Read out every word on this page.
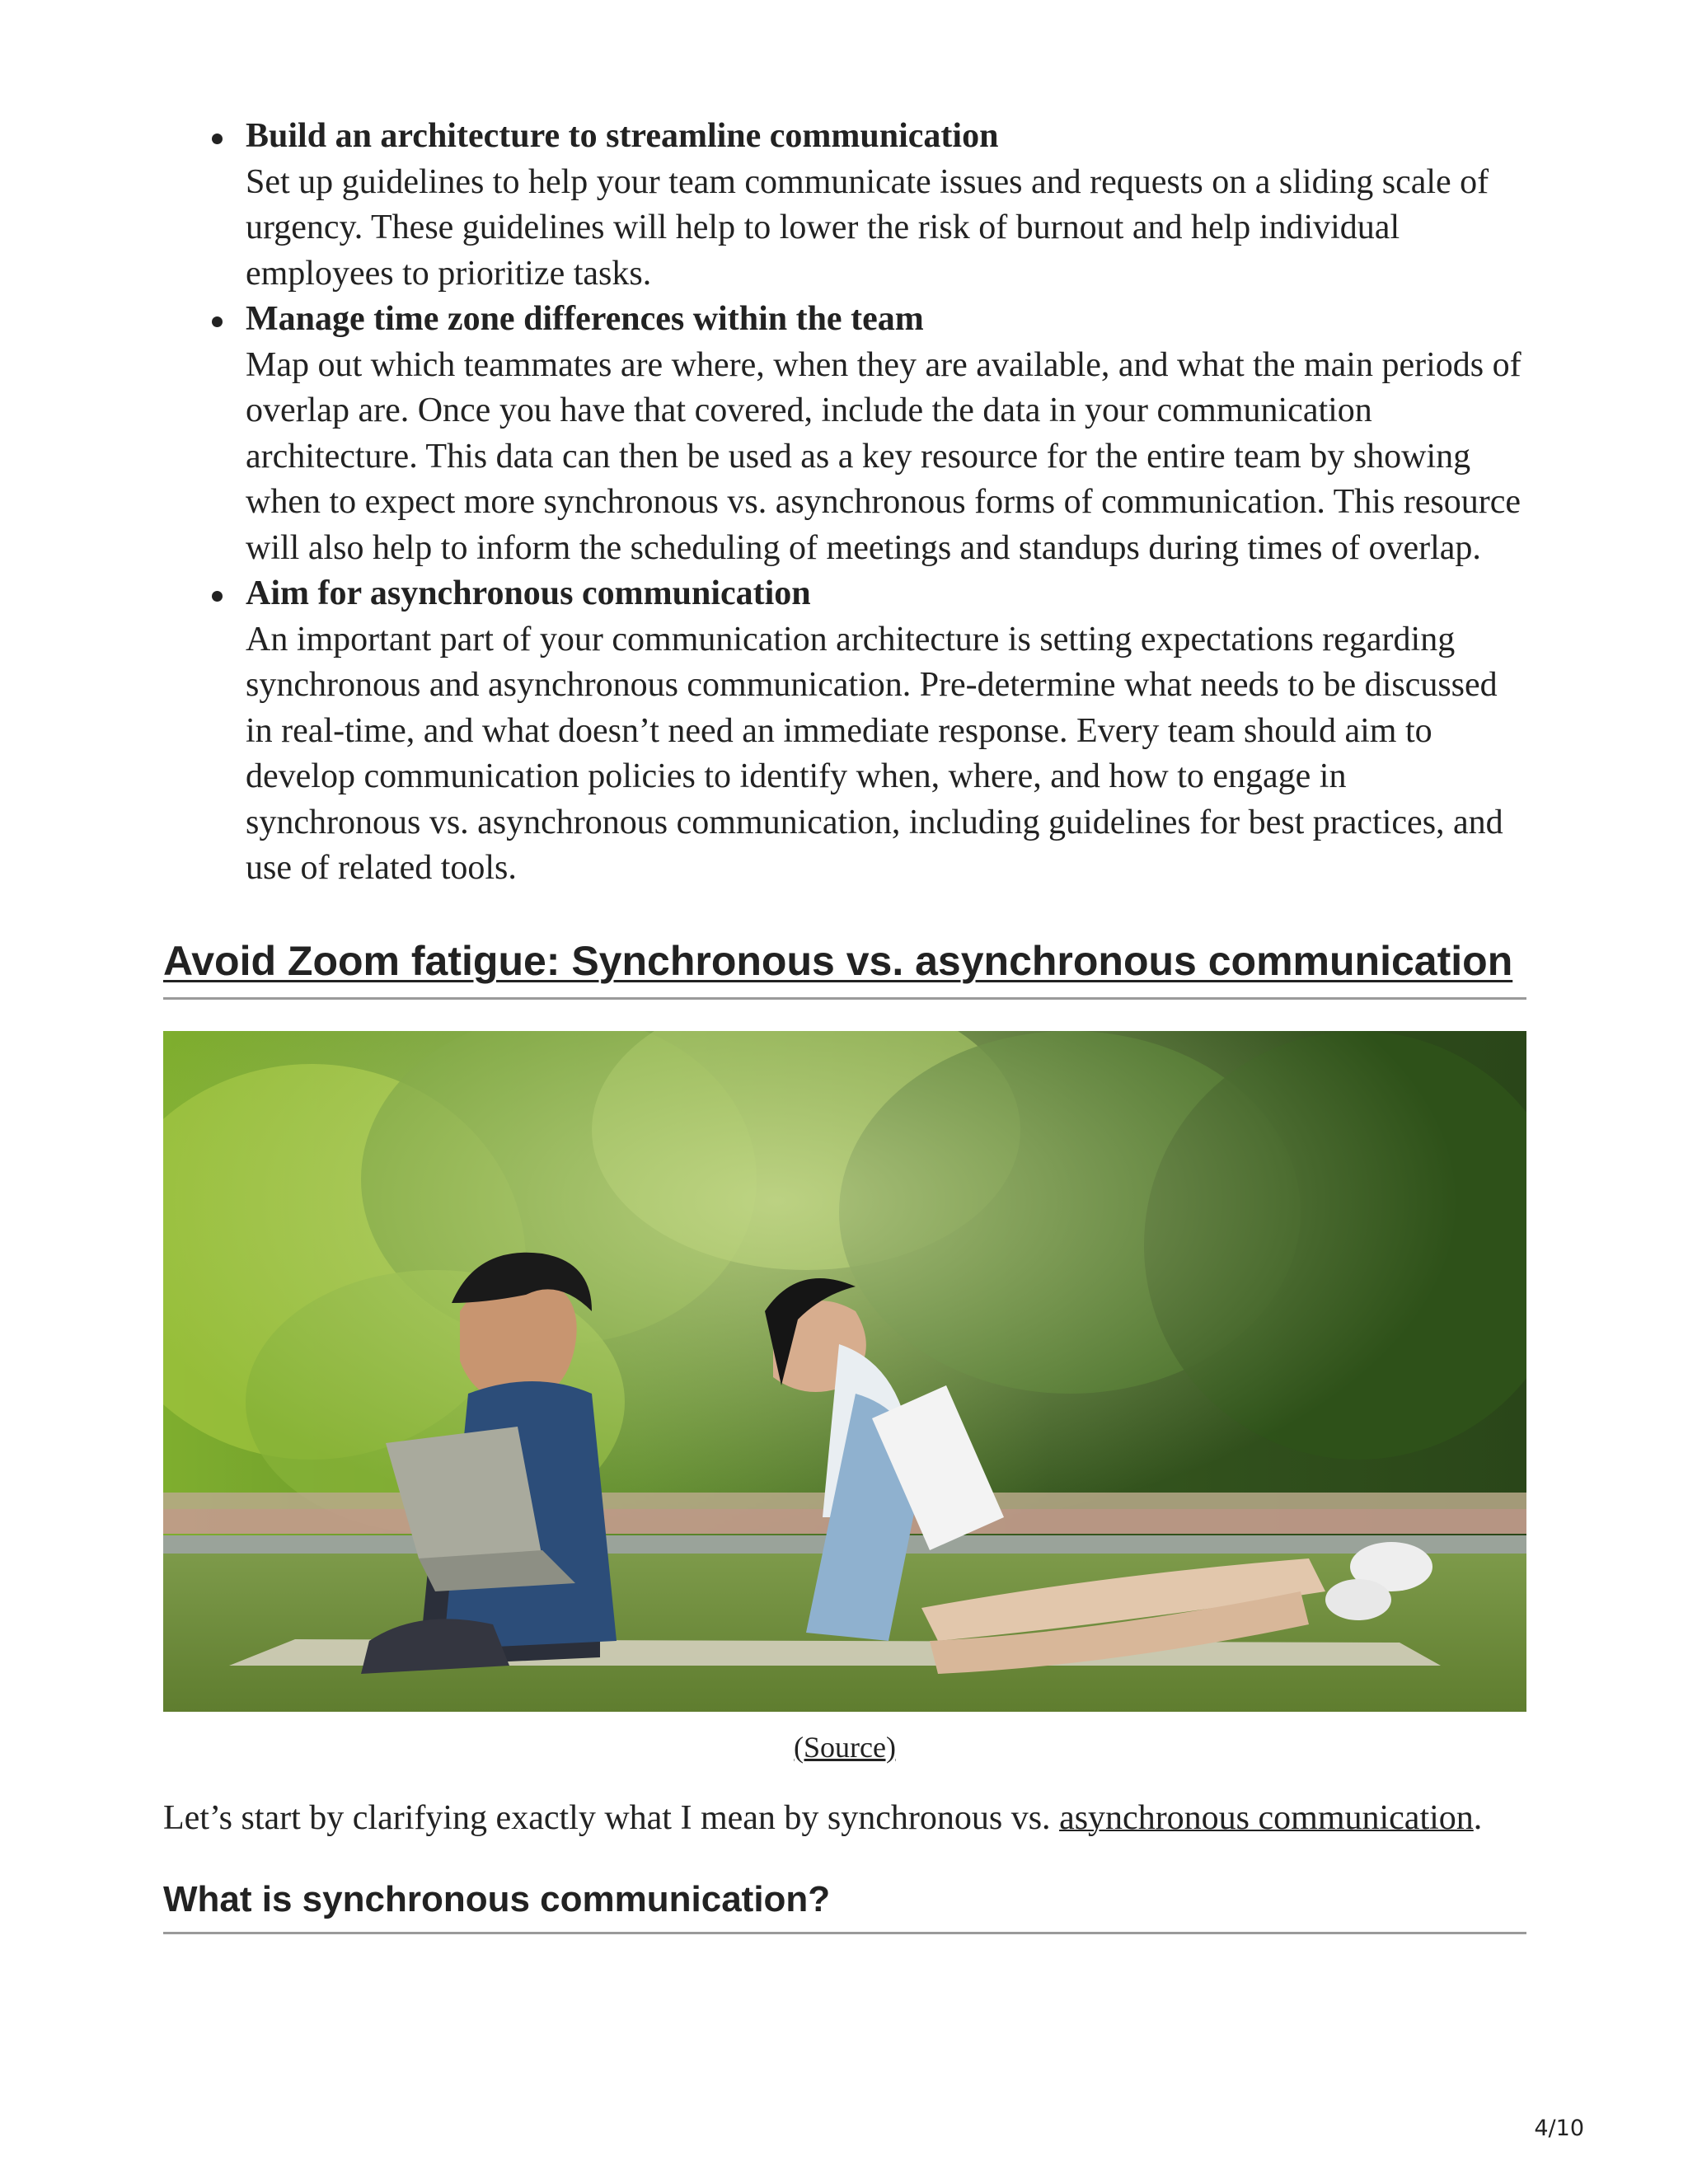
Build an architecture to streamline communication
Set up guidelines to help your team communicate issues and requests on a sliding scale of urgency. These guidelines will help to lower the risk of burnout and help individual employees to prioritize tasks.
Manage time zone differences within the team
Map out which teammates are where, when they are available, and what the main periods of overlap are. Once you have that covered, include the data in your communication architecture. This data can then be used as a key resource for the entire team by showing when to expect more synchronous vs. asynchronous forms of communication. This resource will also help to inform the scheduling of meetings and standups during times of overlap.
Aim for asynchronous communication
An important part of your communication architecture is setting expectations regarding synchronous and asynchronous communication. Pre-determine what needs to be discussed in real-time, and what doesn’t need an immediate response. Every team should aim to develop communication policies to identify when, where, and how to engage in synchronous vs. asynchronous communication, including guidelines for best practices, and use of related tools.
Avoid Zoom fatigue: Synchronous vs. asynchronous communication
(Source)

Let’s start by clarifying exactly what I mean by synchronous vs. asynchronous communication.

What is synchronous communication?
4/10
